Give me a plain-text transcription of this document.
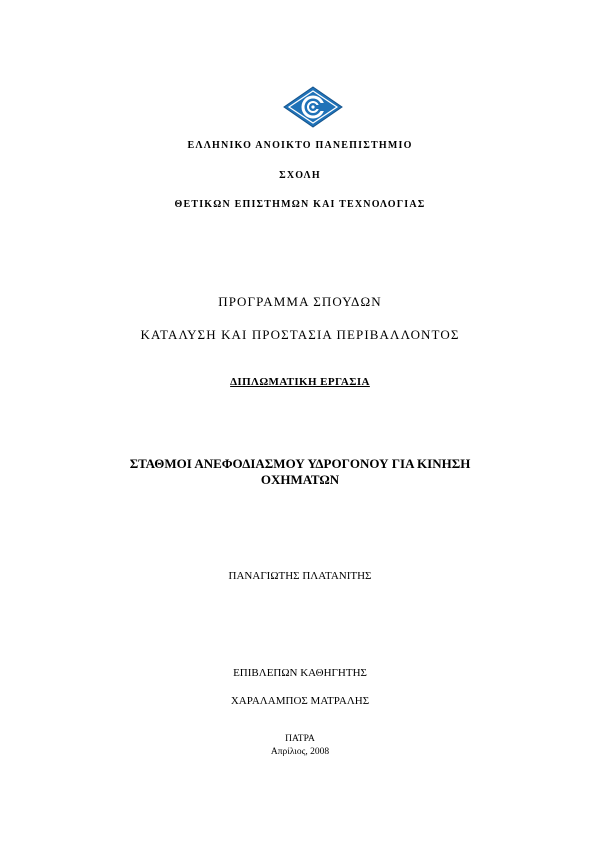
ΕΛΛΗΝΙΚΟ ΑΝΟΙΚΤΟ ΠΑΝΕΠΙΣΤΗΜΙΟ
ΣΧΟΛΗ
ΘΕΤΙΚΩΝ ΕΠΙΣΤΗΜΩΝ ΚΑΙ ΤΕΧΝΟΛΟΓΙΑΣ
ΠΡΟΓΡΑΜΜΑ ΣΠΟΥΔΩΝ
ΚΑΤΑΛΥΣΗ ΚΑΙ ΠΡΟΣΤΑΣΙΑ ΠΕΡΙΒΑΛΛΟΝΤΟΣ
ΔΙΠΛΩΜΑΤΙΚΗ ΕΡΓΑΣΙΑ
ΣΤΑΘΜΟΙ ΑΝΕΦΟΔΙΑΣΜΟΥ ΥΔΡΟΓΟΝΟΥ ΓΙΑ ΚΙΝΗΣΗ
ΟΧΗΜΑΤΩΝ
ΠΑΝΑΓΙΩΤΗΣ ΠΛΑΤΑΝΙΤΗΣ
ΕΠΙΒΛΕΠΩΝ ΚΑΘΗΓΗΤΗΣ
ΧΑΡΑΛΑΜΠΟΣ ΜΑΤΡΑΛΗΣ
ΠΑΤΡΑ
Απρίλιος, 2008
